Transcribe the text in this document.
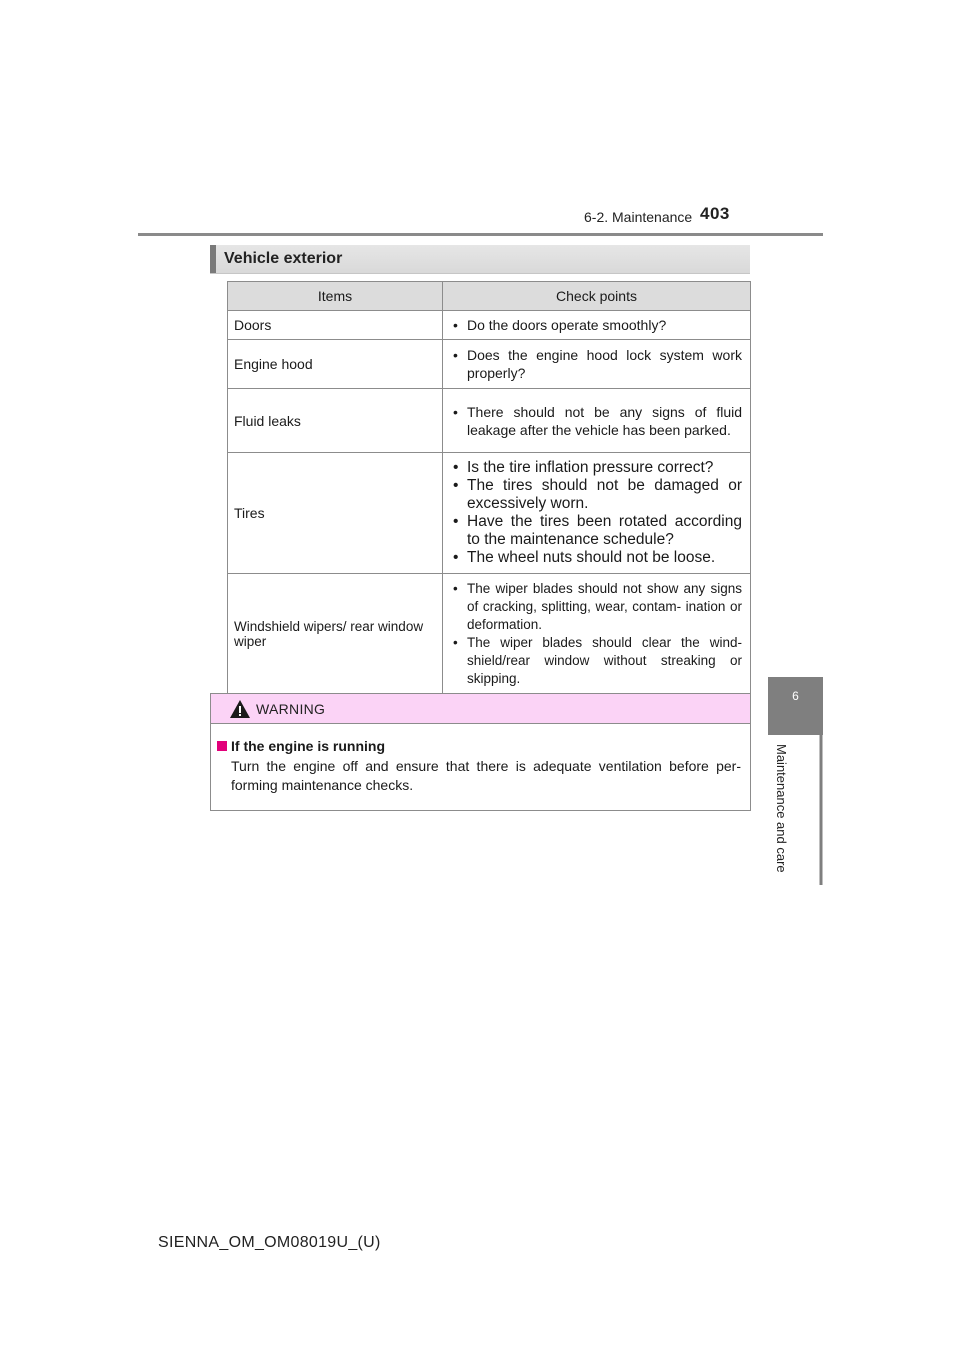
6-2. Maintenance 403
6
Maintenance and care
Vehicle exterior
Items	Check points
Doors	• Do the doors operate smoothly?

Engine hood	• Does the engine hood lock system work properly?

Fluid leaks	• There should not be any signs of fluid leakage after the vehicle has been parked.

Tires	• Is the tire inflation pressure correct?
• The tires should not be damaged or excessively worn.
• Have the tires been rotated according to the maintenance schedule?
• The wheel nuts should not be loose.

Windshield wipers/ rear window wiper	• The wiper blades should not show any signs of cracking, splitting, wear, contam- ination or deformation.
• The wiper blades should clear the wind- shield/rear window without streaking or skipping.
WARNING
If the engine is running
Turn the engine off and ensure that there is adequate ventilation before per- forming maintenance checks.
SIENNA_OM_OM08019U_(U)
